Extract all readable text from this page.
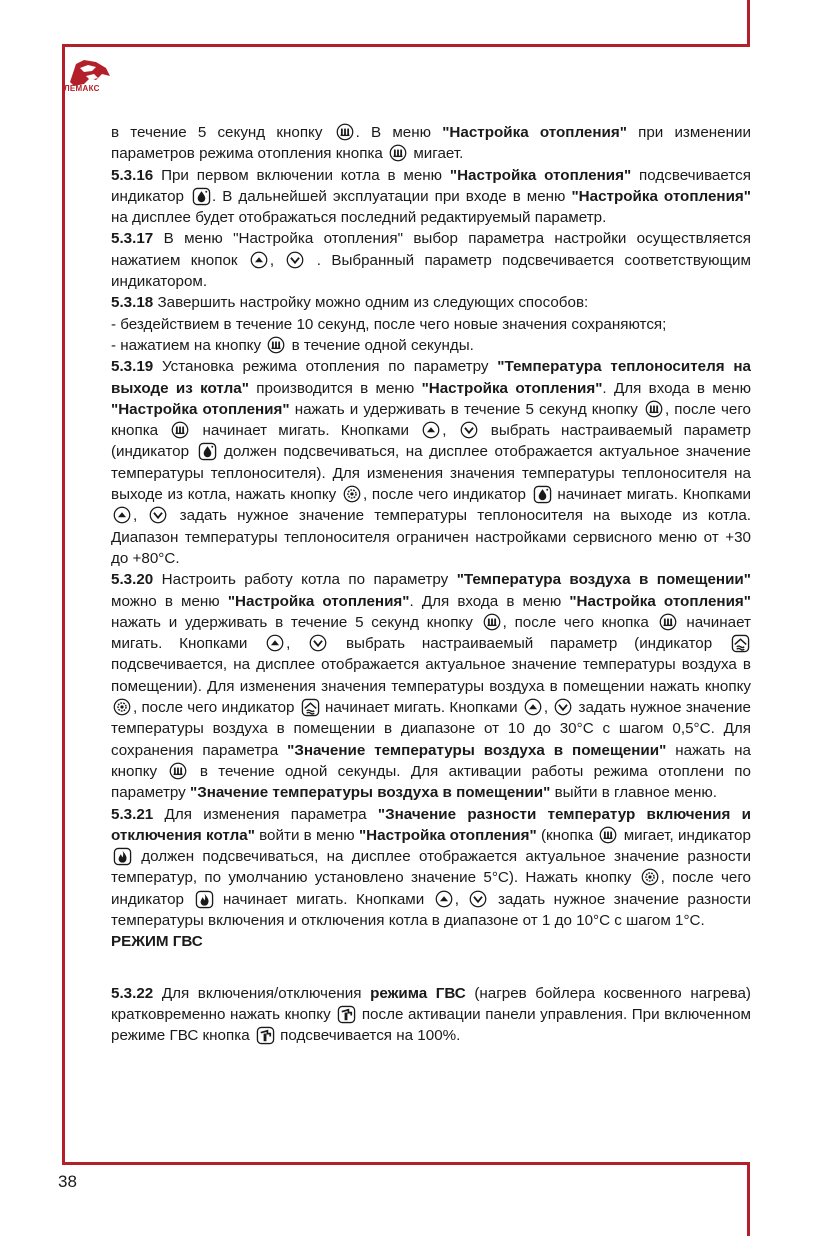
ЛЕМАКС

в течение 5 секунд кнопку . В меню "Настройка отопления" при изменении параметров режима отопления кнопка мигает.

5.3.16 При первом включении котла в меню "Настройка отопления" подсвечивается индикатор . В дальнейшей эксплуатации при входе в меню "Настройка отопления" на дисплее будет отображаться последний редактируемый параметр.

5.3.17 В меню "Настройка отопления" выбор параметра настройки осуществляется нажатием кнопок ,	. Выбранный параметр подсвечивается соответствующим индикатором.

5.3.18 Завершить настройку можно одним из следующих способов:

- бездействием в течение 10 секунд, после чего новые значения сохраняются;

- нажатием на кнопку в течение одной секунды.

5.3.19 Установка режима отопления по параметру "Температура теплоносителя на выходе из котла" производится в меню "Настройка отопления". Для входа в меню "Настройка отопления" нажать и удерживать в течение 5 секунд кнопку , после чего кнопка	начинает мигать. Кнопками ,	выбрать настраиваемый параметр (индикатор должен подсвечиваться, на дисплее отображается актуальное значение температуры теплоносителя). Для изменения значения температуры теплоносителя на выходе из котла, нажать кнопку , после чего индикатор начинает мигать. Кнопками
,	задать нужное значение температуры теплоносителя на выходе из котла. Диапазон температуры теплоносителя ограничен настройками сервисного меню от +30 до +80°С.

5.3.20 Настроить работу котла по параметру "Температура воздуха в помещении" можно в меню "Настройка отопления". Для входа в меню "Настройка отопления" нажать и удерживать в течение 5 секунд кнопку , после чего кнопка начинает мигать. Кнопками	,	выбрать настраиваемый параметр (индикатор
подсвечивается, на дисплее отображается актуальное значение температуры воздуха в помещении). Для изменения значения температуры воздуха в помещении нажать кнопку
, после чего индикатор начинает мигать. Кнопками , задать нужное значение температуры воздуха в помещении в диапазоне от 10 до 30°С с шагом 0,5°С. Для сохранения параметра "Значение температуры воздуха в помещении" нажать на кнопку	в течение одной секунды. Для активации работы режима отоплени по параметру "Значение температуры воздуха в помещении" выйти в главное меню.

5.3.21 Для изменения параметра "Значение разности температур включения и отключения котла" войти в меню "Настройка отопления" (кнопка мигает, индикатор
должен подсвечиваться, на дисплее отображается актуальное значение разности температур, по умолчанию установлено значение 5°С). Нажать кнопку , после чего индикатор	начинает мигать. Кнопками ,	задать нужное значение разности температуры включения и отключения котла в диапазоне от 1 до 10°С с шагом 1°С.

РЕЖИМ ГВС

5.3.22 Для включения/отключения режима ГВС (нагрев бойлера косвенного нагрева) кратковременно нажать кнопку после активации панели управления. При включенном режиме ГВС кнопка подсвечивается на 100%.

38
